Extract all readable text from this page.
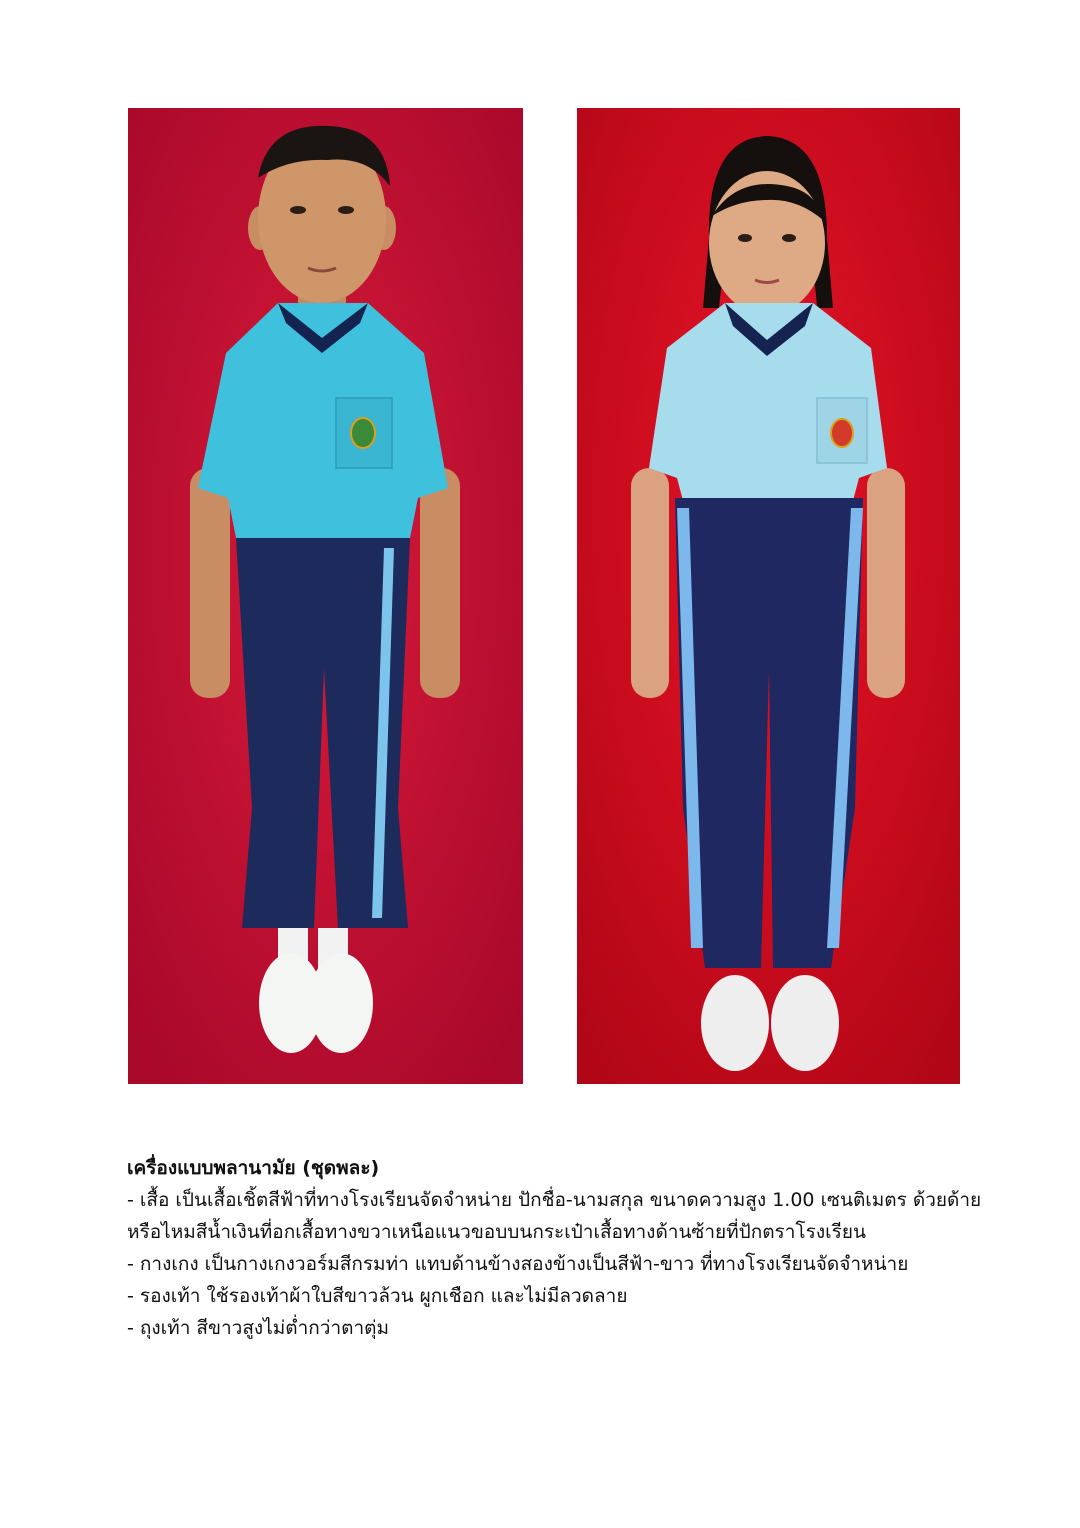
เครื่องแบบพลานามัย (ชุดพละ)
- เสื้อ เป็นเสื้อเชิ้ตสีฟ้าที่ทางโรงเรียนจัดจำหน่าย ปักชื่อ-นามสกุล ขนาดความสูง 1.00 เซนติเมตร ด้วยด้าย
หรือไหมสีน้ำเงินที่อกเสื้อทางขวาเหนือแนวขอบบนกระเป๋าเสื้อทางด้านซ้ายที่ปักตราโรงเรียน
- กางเกง เป็นกางเกงวอร์มสีกรมท่า แทบด้านข้างสองข้างเป็นสีฟ้า-ขาว ที่ทางโรงเรียนจัดจำหน่าย
- รองเท้า ใช้รองเท้าผ้าใบสีขาวล้วน ผูกเชือก และไม่มีลวดลาย
- ถุงเท้า สีขาวสูงไม่ต่ำกว่าตาตุ่ม
